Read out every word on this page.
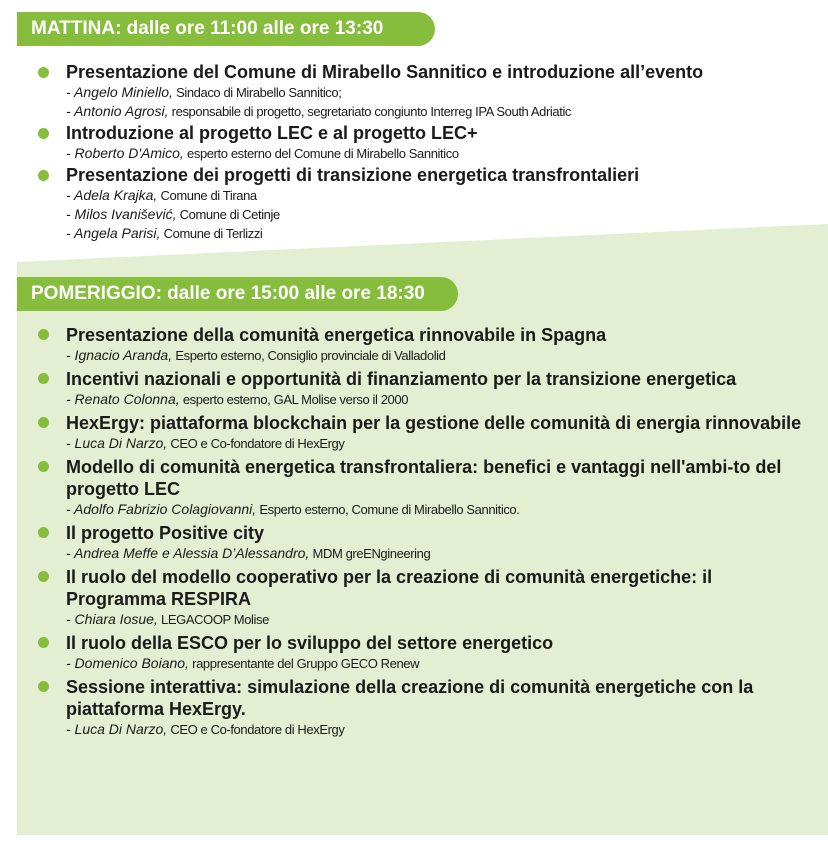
MATTINA: dalle ore 11:00 alle ore 13:30
Presentazione del Comune di Mirabello Sannitico e introduzione all’evento
- Angelo Miniello, Sindaco di Mirabello Sannitico;
- Antonio Agrosi, responsabile di progetto, segretariato congiunto Interreg IPA South Adriatic
Introduzione al progetto LEC e al progetto LEC+
- Roberto D'Amico, esperto esterno del Comune di Mirabello Sannitico
Presentazione dei progetti di transizione energetica transfrontalieri
- Adela Krajka, Comune di Tirana
- Milos Ivanišević, Comune di Cetinje
- Angela Parisi, Comune di Terlizzi
POMERIGGIO: dalle ore 15:00 alle ore 18:30
Presentazione della comunità energetica rinnovabile in Spagna
- Ignacio Aranda, Esperto esterno, Consiglio provinciale di Valladolid
Incentivi nazionali e opportunità di finanziamento per la transizione energetica
- Renato Colonna, esperto esterno, GAL Molise verso il 2000
HexErgy: piattaforma blockchain per la gestione delle comunità di energia rinnovabile
- Luca Di Narzo, CEO e Co-fondatore di HexErgy
Modello di comunità energetica transfrontaliera: benefici e vantaggi nell'ambi-to del progetto LEC
- Adolfo Fabrizio Colagiovanni, Esperto esterno, Comune di Mirabello Sannitico.
Il progetto Positive city
- Andrea Meffe e Alessia D’Alessandro, MDM greENgineering
Il ruolo del modello cooperativo per la creazione di comunità energetiche: il Programma RESPIRA
- Chiara Iosue, LEGACOOP Molise
Il ruolo della ESCO per lo sviluppo del settore energetico
- Domenico Boiano, rappresentante del Gruppo GECO Renew
Sessione interattiva: simulazione della creazione di comunità energetiche con la piattaforma HexErgy.
- Luca Di Narzo, CEO e Co-fondatore di HexErgy
